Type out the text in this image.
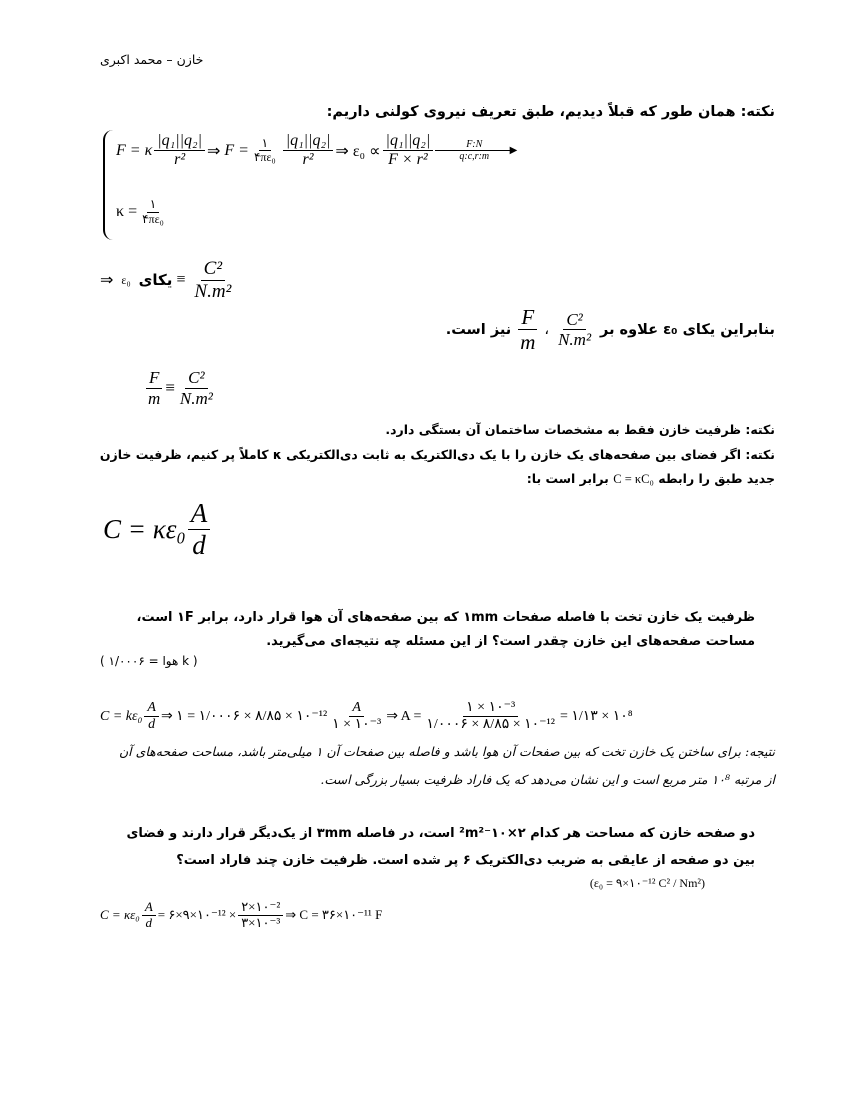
خازن – محمد اکبری
نکته: همان طور که قبلاً دیدیم، طبق تعریف نیروی کولنی داریم:
F = κ $\frac{\text{|q₁||q₂|}}{\text{r²}}$ ⇒ $F = \frac{۱}{\text{۴πε₀}} \frac{\text{|q₁||q₂|}}{\text{r²}}$ ⇒ $\varepsilon_0 \propto \frac{\text{|q₁||q₂|}}{\text{F × r²}}$	F:N
▶
q:c,r:m
$\kappa = \frac{۱}{\text{۴πε₀}}$
⇒ ε₀ یکای ≡ $\frac{\text{C²}}{\text{N.m²}}$
بنابراین یکای ε₀ علاوه بر
$\frac{\text{C²}}{\text{N.m²}}$
،
$\frac{F}{m}$
نیز است.
$\frac{F}{m} \equiv \frac{\text{C²}}{\text{N.m²}}$
نکته: ظرفیت خازن فقط به مشخصات ساختمان آن بستگی دارد.
نکته: اگر فضای بین صفحه‌های یک خازن را با یک دی‌الکتریک به ثابت دی‌الکتریکی κ کاملاً پر کنیم، ظرفیت خازن
جدید طبق را رابطه C = κC₀ برابر است با:
$C = \kappa\varepsilon_0 \frac{A}{d}$
ظرفیت یک خازن تخت با فاصله صفحات ۱mm که بین صفحه‌های آن هوا قرار دارد، برابر ۱F است،
مساحت صفحه‌های این خازن چقدر است؟ از این مسئله چه نتیجه‌ای می‌گیرید.
( k هوا = ۱/۰۰۰۶ )
$C = k\varepsilon_0 \frac{A}{d}$ ⇒ ۱ = ۱/۰۰۰۶ × ۸/۸۵ × ۱۰⁻¹² $\frac{A}{\text{۱ × ۱۰⁻³}}$ ⇒ $A = \frac{\text{۱ × ۱۰⁻³}}{\text{۱/۰۰۰۶ × ۸/۸۵ × ۱۰⁻¹²}}$ = ۱/۱۳ × ۱۰⁸
نتیجه: برای ساختن یک خازن تخت که بین صفحات آن هوا باشد و فاصله بین صفحات آن ۱ میلی‌متر باشد، مساحت صفحه‌های آن
از مرتبه ۱۰⁸ متر مربع است و این نشان می‌دهد که یک فاراد ظرفیت بسیار بزرگی است.
دو صفحه خازن که مساحت هر کدام ۲×۱۰⁻²m² است، در فاصله ۳mm از یک‌دیگر قرار دارند و فضای
بین دو صفحه از عایقی به ضریب دی‌الکتریک ۶ پر شده است. ظرفیت خازن چند فاراد است؟
(ε₀ = ۹×۱۰⁻¹² C² / Nm²)
$C = \kappa\varepsilon_0 \frac{A}{d}$ = ۶×۹×۱۰⁻¹² × $\frac{\text{۲×۱۰⁻²}}{\text{۳×۱۰⁻³}}$ ⇒ C = ۳۶×۱۰⁻¹¹ F
